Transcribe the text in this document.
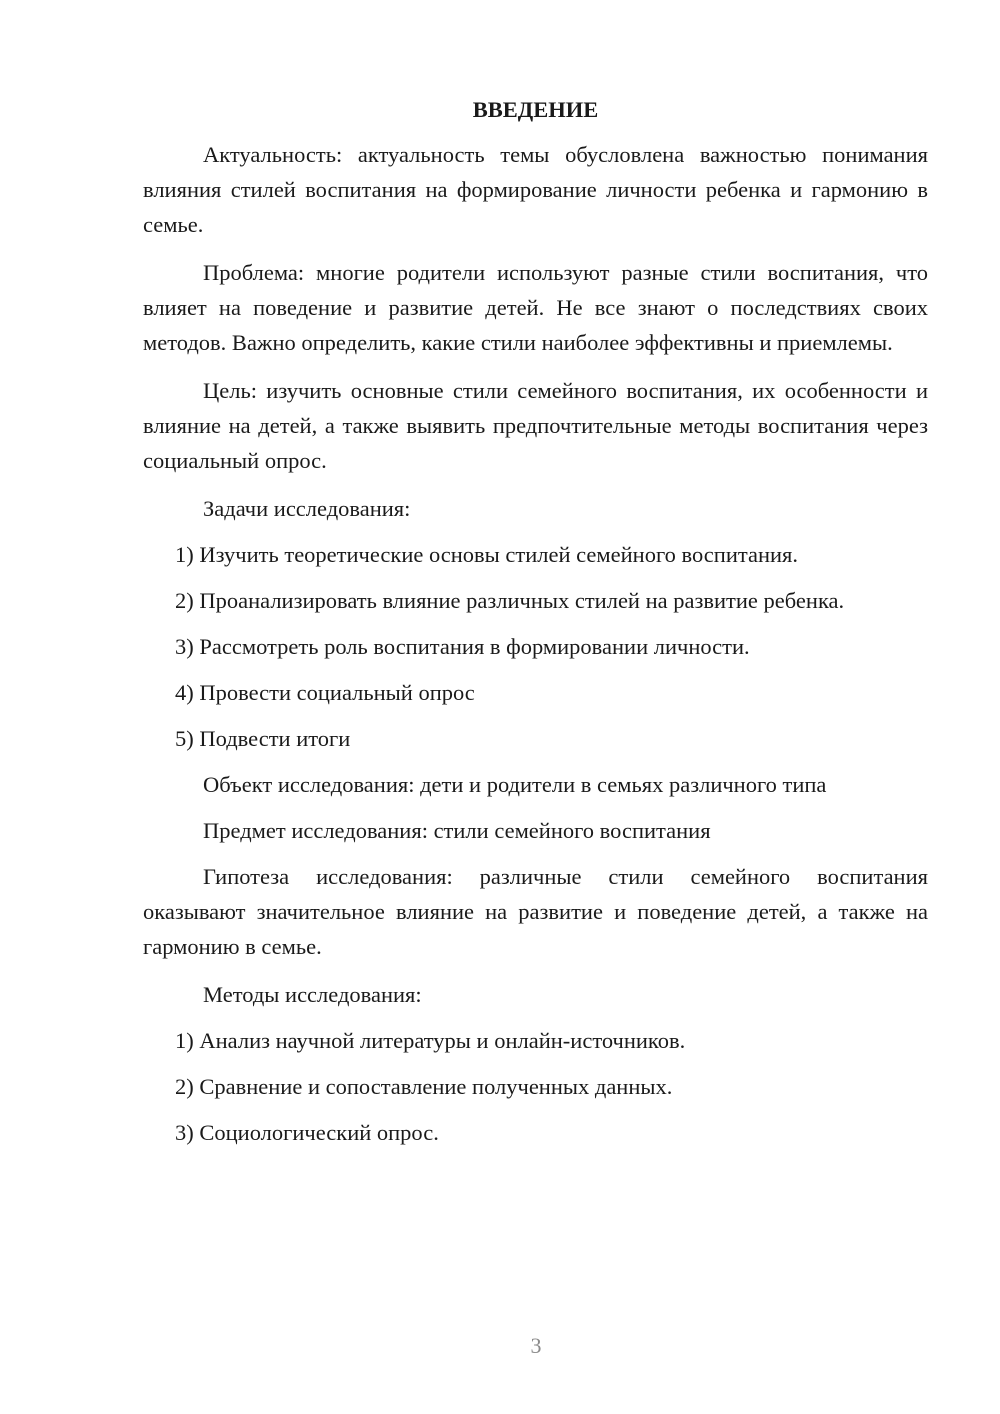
ВВЕДЕНИЕ

Актуальность: актуальность темы обусловлена важностью понимания влияния стилей воспитания на формирование личности ребенка и гармонию в семье.

Проблема: многие родители используют разные стили воспитания, что влияет на поведение и развитие детей. Не все знают о последствиях своих методов. Важно определить, какие стили наиболее эффективны и приемлемы.

Цель: изучить основные стили семейного воспитания, их особенности и влияние на детей, а также выявить предпочтительные методы воспитания через социальный опрос.

Задачи исследования:

1) Изучить теоретические основы стилей семейного воспитания.
2) Проанализировать влияние различных стилей на развитие ребенка.
3) Рассмотреть роль воспитания в формировании личности.
4) Провести социальный опрос
5) Подвести итоги

Объект исследования: дети и родители в семьях различного типа

Предмет исследования: стили семейного воспитания

Гипотеза исследования: различные стили семейного воспитания оказывают значительное влияние на развитие и поведение детей, а также на гармонию в семье.

Методы исследования:

1) Анализ научной литературы и онлайн-источников.
2) Сравнение и сопоставление полученных данных.
3) Социологический опрос.
3
